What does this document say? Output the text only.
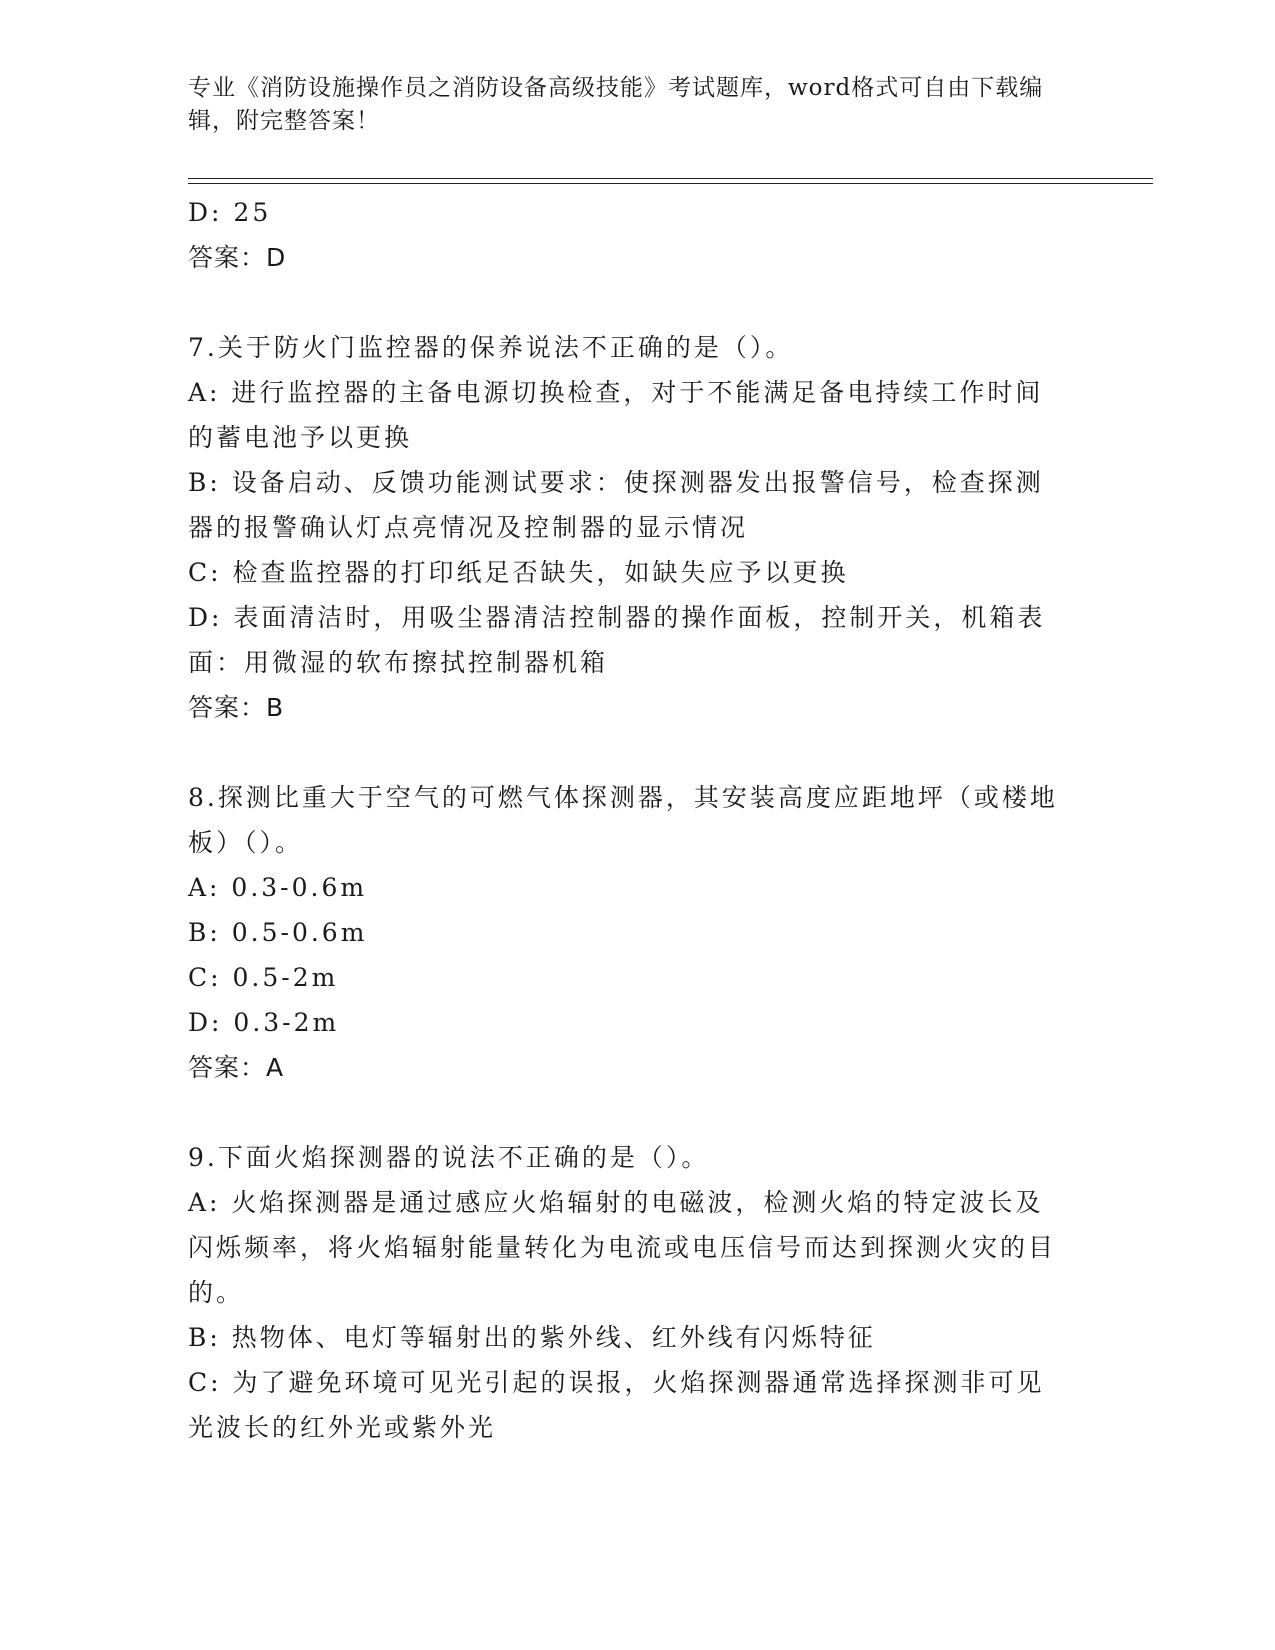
专业《消防设施操作员之消防设备高级技能》考试题库，word格式可自由下载编辑，附完整答案！
D: 25
答案：D
7.关于防火门监控器的保养说法不正确的是（）。
A: 进行监控器的主备电源切换检查，对于不能满足备电持续工作时间的蓄电池予以更换
B: 设备启动、反馈功能测试要求：使探测器发出报警信号，检查探测器的报警确认灯点亮情况及控制器的显示情况
C: 检查监控器的打印纸足否缺失，如缺失应予以更换
D: 表面清洁时，用吸尘器清洁控制器的操作面板，控制开关，机箱表面：用微湿的软布擦拭控制器机箱
答案：B
8.探测比重大于空气的可燃气体探测器，其安装高度应距地坪（或楼地板）（）。
A: 0.3-0.6m
B: 0.5-0.6m
C: 0.5-2m
D: 0.3-2m
答案：A
9.下面火焰探测器的说法不正确的是（）。
A: 火焰探测器是通过感应火焰辐射的电磁波，检测火焰的特定波长及闪烁频率，将火焰辐射能量转化为电流或电压信号而达到探测火灾的目的。
B: 热物体、电灯等辐射出的紫外线、红外线有闪烁特征
C: 为了避免环境可见光引起的误报，火焰探测器通常选择探测非可见光波长的红外光或紫外光
